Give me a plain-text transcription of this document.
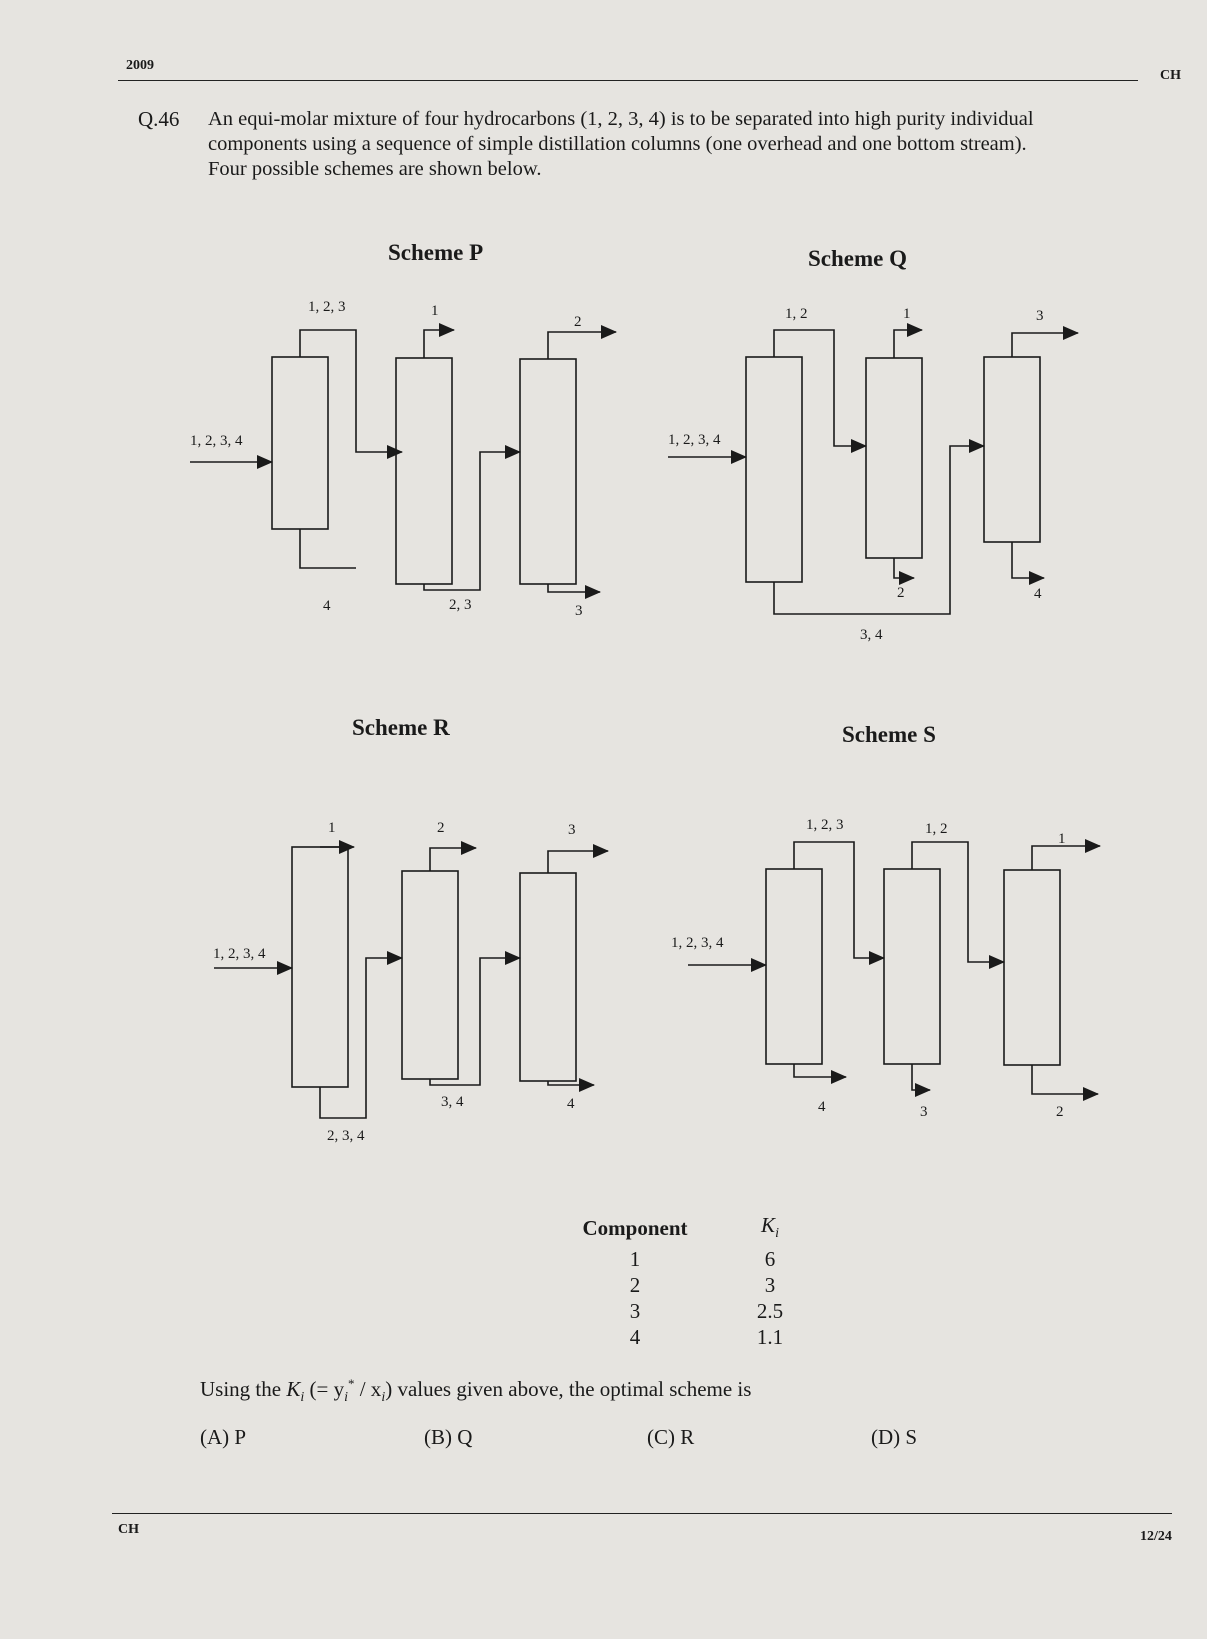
2009
CH
Q.46 An equi-molar mixture of four hydrocarbons (1, 2, 3, 4) is to be separated into high purity individual

components using a sequence of simple distillation columns (one overhead and one bottom stream).

Four possible schemes are shown below.

Scheme P	Scheme Q
Scheme R	Scheme S
1, 2, 3, 4
1, 2, 3
4
1
2, 3
2
3
1, 2, 3, 4
1, 2
3, 4
1
2
3
4
1, 2, 3, 4
1
2, 3, 4
2
3, 4
3
4
1, 2, 3, 4
1, 2, 3
4
1, 2
3
1
2
Component	$K_i$
1	6
2	3
3	2.5
4	1.1
Using the $K_i$ (= $y_i^* / x_i$) values given above, the optimal scheme is
(A) P	(B) Q	(C) R	(D) S
CH	12/24
